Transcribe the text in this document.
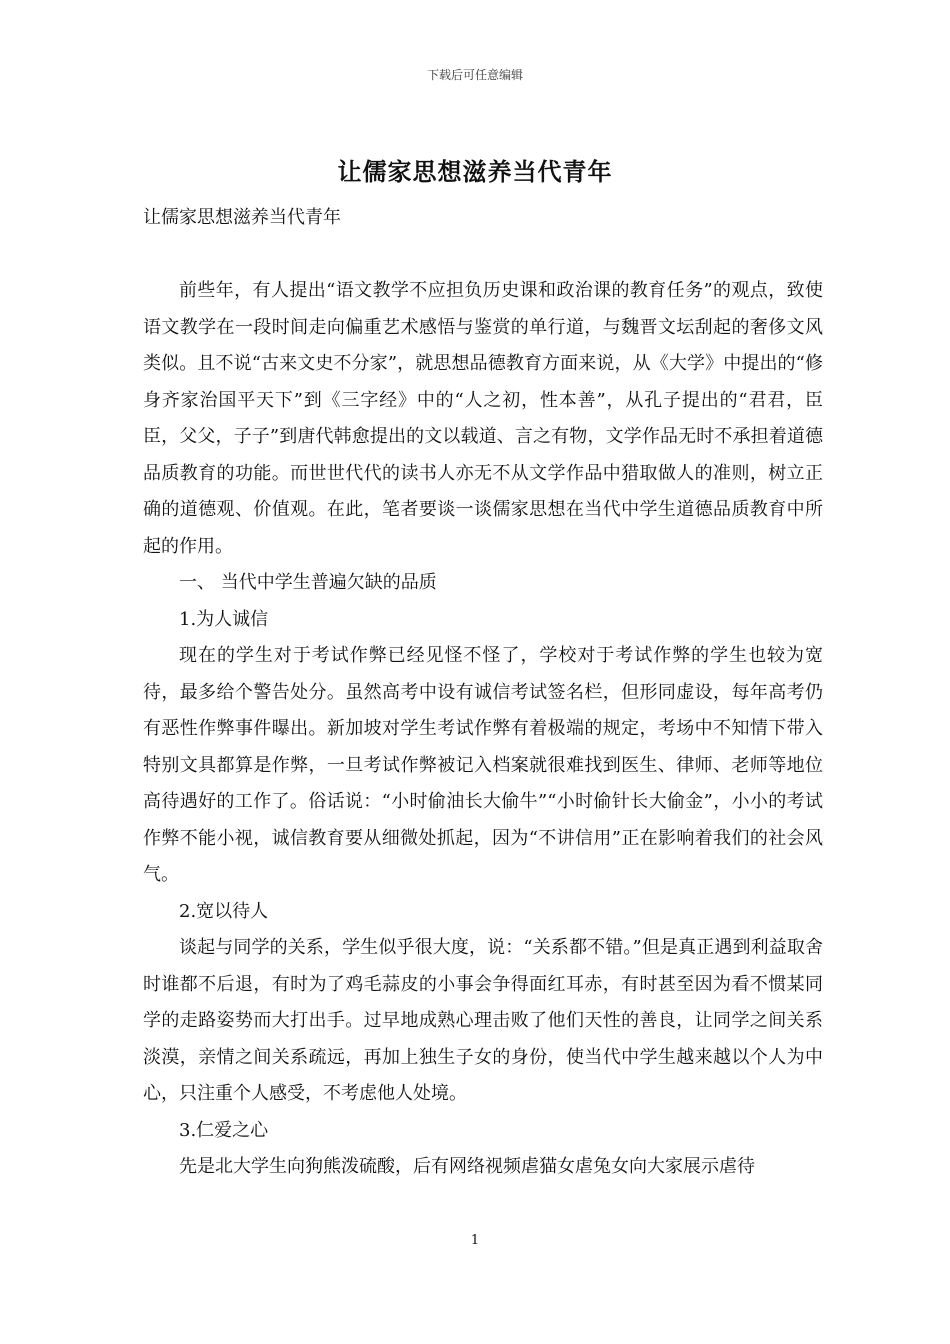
下载后可任意编辑
让儒家思想滋养当代青年
让儒家思想滋养当代青年
前些年，有人提出“语文教学不应担负历史课和政治课的教育任务”的观点，致使语文教学在一段时间走向偏重艺术感悟与鉴赏的单行道，与魏晋文坛刮起的奢侈文风类似。且不说“古来文史不分家”，就思想品德教育方面来说，从《大学》中提出的“修身齐家治国平天下”到《三字经》中的“人之初，性本善”，从孔子提出的“君君，臣臣，父父，子子”到唐代韩愈提出的文以载道、言之有物，文学作品无时不承担着道德品质教育的功能。而世世代代的读书人亦无不从文学作品中猎取做人的准则，树立正确的道德观、价值观。在此，笔者要谈一谈儒家思想在当代中学生道德品质教育中所起的作用。
一、 当代中学生普遍欠缺的品质
1.为人诚信
现在的学生对于考试作弊已经见怪不怪了，学校对于考试作弊的学生也较为宽待，最多给个警告处分。虽然高考中设有诚信考试签名栏，但形同虚设，每年高考仍有恶性作弊事件曝出。新加坡对学生考试作弊有着极端的规定，考场中不知情下带入特别文具都算是作弊，一旦考试作弊被记入档案就很难找到医生、律师、老师等地位高待遇好的工作了。俗话说：“小时偷油长大偷牛”“小时偷针长大偷金”，小小的考试作弊不能小视，诚信教育要从细微处抓起，因为“不讲信用”正在影响着我们的社会风气。
2.宽以待人
谈起与同学的关系，学生似乎很大度，说：“关系都不错。”但是真正遇到利益取舍时谁都不后退，有时为了鸡毛蒜皮的小事会争得面红耳赤，有时甚至因为看不惯某同学的走路姿势而大打出手。过早地成熟心理击败了他们天性的善良，让同学之间关系淡漠，亲情之间关系疏远，再加上独生子女的身份，使当代中学生越来越以个人为中心，只注重个人感受，不考虑他人处境。
3.仁爱之心
先是北大学生向狗熊泼硫酸，后有网络视频虐猫女虐兔女向大家展示虐待
1
